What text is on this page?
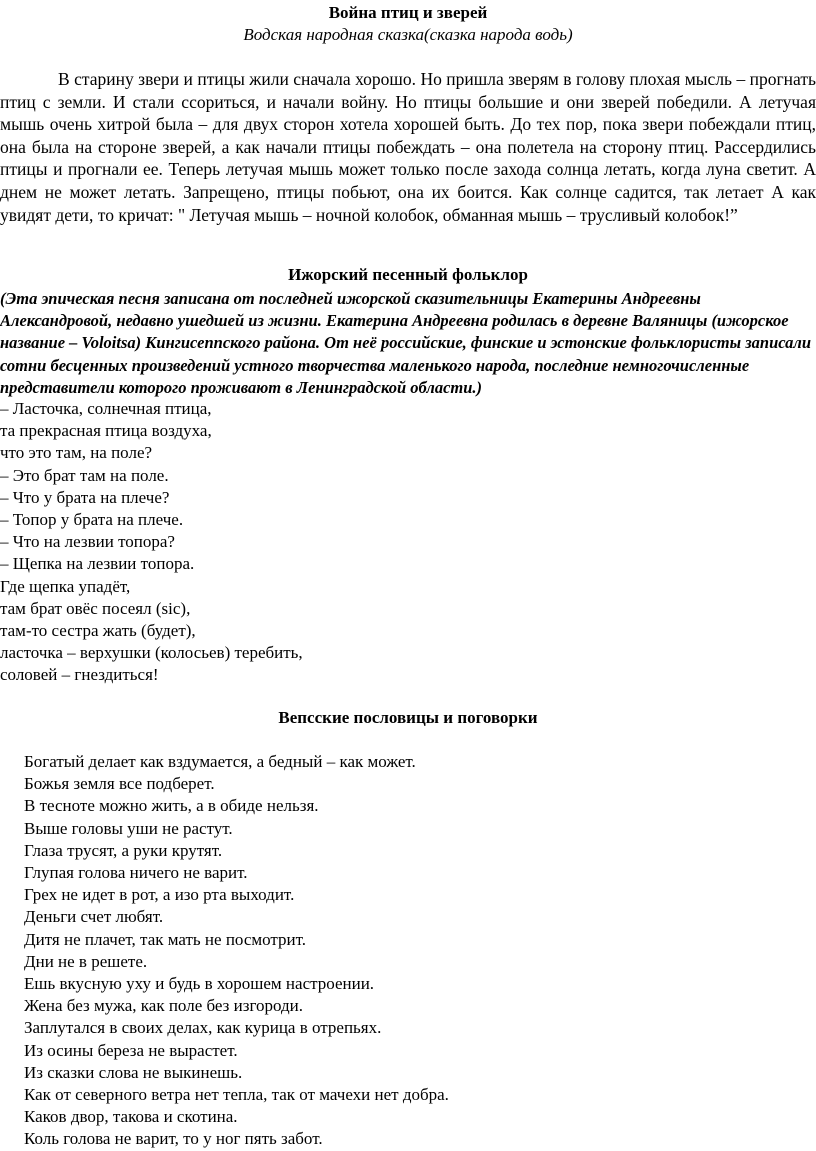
Война птиц и зверей
Водская народная сказка(сказка народа водь)

В старину звери и птицы жили сначала хорошо. Но пришла зверям в голову плохая мысль – прогнать птиц с земли. И стали ссориться, и начали войну. Но птицы большие и они зверей победили. А летучая мышь очень хитрой была – для двух сторон хотела хорошей быть. До тех пор, пока звери побеждали птиц, она была на стороне зверей, а как начали птицы побеждать – она полетела на сторону птиц. Рассердились птицы и прогнали ее. Теперь летучая мышь может только после захода солнца летать, когда луна светит. А днем не может летать. Запрещено, птицы побьют, она их боится. Как солнце садится, так летает А как увидят дети, то кричат: " Летучая мышь – ночной колобок, обманная мышь – трусливый колобок!”

Ижорский песенный фольклор

(Эта эпическая песня записана от последней ижорской сказительницы Екатерины Андреевны Александровой, недавно ушедшей из жизни. Екатерина Андреевна родилась в деревне Валяницы (ижорское название – Voloitsa) Кингисеппского района. От неё российские, финские и эстонские фольклористы записали сотни бесценных произведений устного творчества маленького народа, последние немногочисленные представители которого проживают в Ленинградской области.)

– Ласточка, солнечная птица,
та прекрасная птица воздуха,
что это там, на поле?
– Это брат там на поле.
– Что у брата на плече?
– Топор у брата на плече.
– Что на лезвии топора?
– Щепка на лезвии топора.
Где щепка упадёт,
там брат овёс посеял (sic),
там-то сестра жать (будет),
ласточка – верхушки (колосьев) теребить,
соловей – гнездиться!
Вепсские пословицы и поговорки
Богатый делает как вздумается, а бедный – как может.
Божья земля все подберет.
В тесноте можно жить, а в обиде нельзя.
Выше головы уши не растут.
Глаза трусят, а руки крутят.
Глупая голова ничего не варит.
Грех не идет в рот, а изо рта выходит.
Деньги счет любят.
Дитя не плачет, так мать не посмотрит.
Дни не в решете.
Ешь вкусную уху и будь в хорошем настроении.
Жена без мужа, как поле без изгороди.
Заплутался в своих делах, как курица в отрепьях.
Из осины береза не вырастет.
Из сказки слова не выкинешь.
Как от северного ветра нет тепла, так от мачехи нет добра.
Каков двор, такова и скотина.
Коль голова не варит, то у ног пять забот.
